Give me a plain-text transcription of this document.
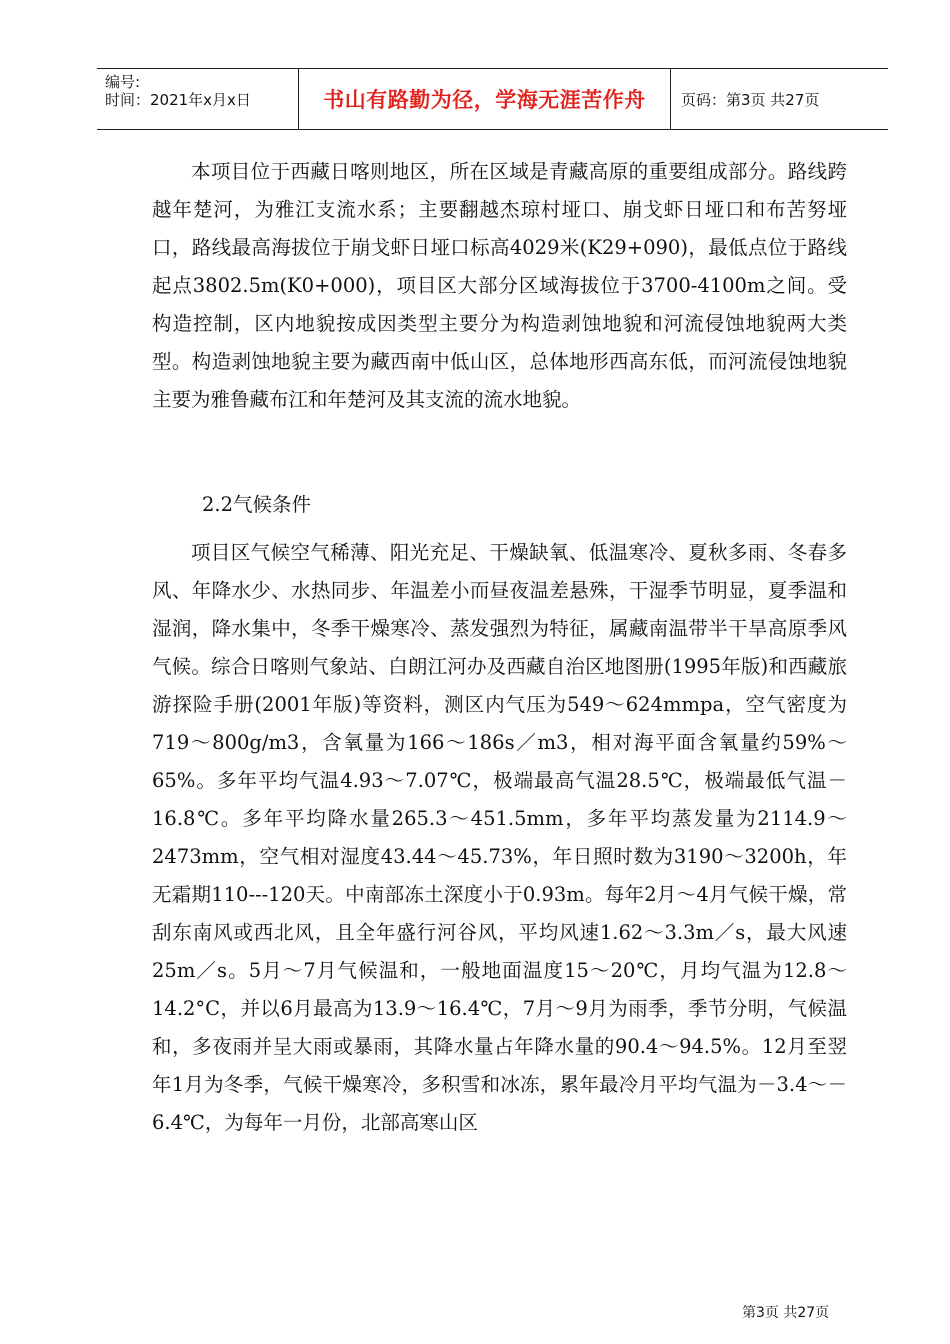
编号:
时间：2021年x月x日	书山有路勤为径，学海无涯苦作舟 页码：第3页 共27页

本项目位于西藏日喀则地区，所在区域是青藏高原的重要组成部分。路线跨越年楚河，为雅江支流水系；主要翻越杰琼村垭口、崩戈虾日垭口和布苦努垭口，路线最高海拔位于崩戈虾日垭口标高4029米(K29+090)，最低点位于路线起点3802.5m(K0+000)，项目区大部分区域海拔位于3700-4100m之间。受构造控制，区内地貌按成因类型主要分为构造剥蚀地貌和河流侵蚀地貌两大类型。构造剥蚀地貌主要为藏西南中低山区，总体地形西高东低，而河流侵蚀地貌主要为雅鲁藏布江和年楚河及其支流的流水地貌。

2.2气候条件

项目区气候空气稀薄、阳光充足、干燥缺氧、低温寒冷、夏秋多雨、冬春多风、年降水少、水热同步、年温差小而昼夜温差悬殊，干湿季节明显，夏季温和湿润，降水集中，冬季干燥寒冷、蒸发强烈为特征，属藏南温带半干旱高原季风气候。综合日喀则气象站、白朗江河办及西藏自治区地图册(1995年版)和西藏旅游探险手册(2001年版)等资料，测区内气压为549～624mmpa，空气密度为719～800g/m3，含氧量为166～186s／m3，相对海平面含氧量约59%～65%。多年平均气温4.93～7.07℃，极端最高气温28.5℃，极端最低气温－16.8℃。多年平均降水量265.3～451.5mm，多年平均蒸发量为2114.9～2473mm，空气相对湿度43.44～45.73%，年日照时数为3190～3200h，年无霜期110---120天。中南部冻土深度小于0.93m。每年2月～4月气候干燥，常刮东南风或西北风，且全年盛行河谷风，平均风速1.62～3.3m／s，最大风速25m／s。5月～7月气候温和，一般地面温度15～20℃，月均气温为12.8～14.2°C，并以6月最高为13.9～16.4℃，7月～9月为雨季，季节分明，气候温和，多夜雨并呈大雨或暴雨，其降水量占年降水量的90.4～94.5%。12月至翌年1月为冬季，气候干燥寒冷，多积雪和冰冻，累年最冷月平均气温为－3.4～－6.4℃，为每年一月份，北部高寒山区

第3页 共27页
